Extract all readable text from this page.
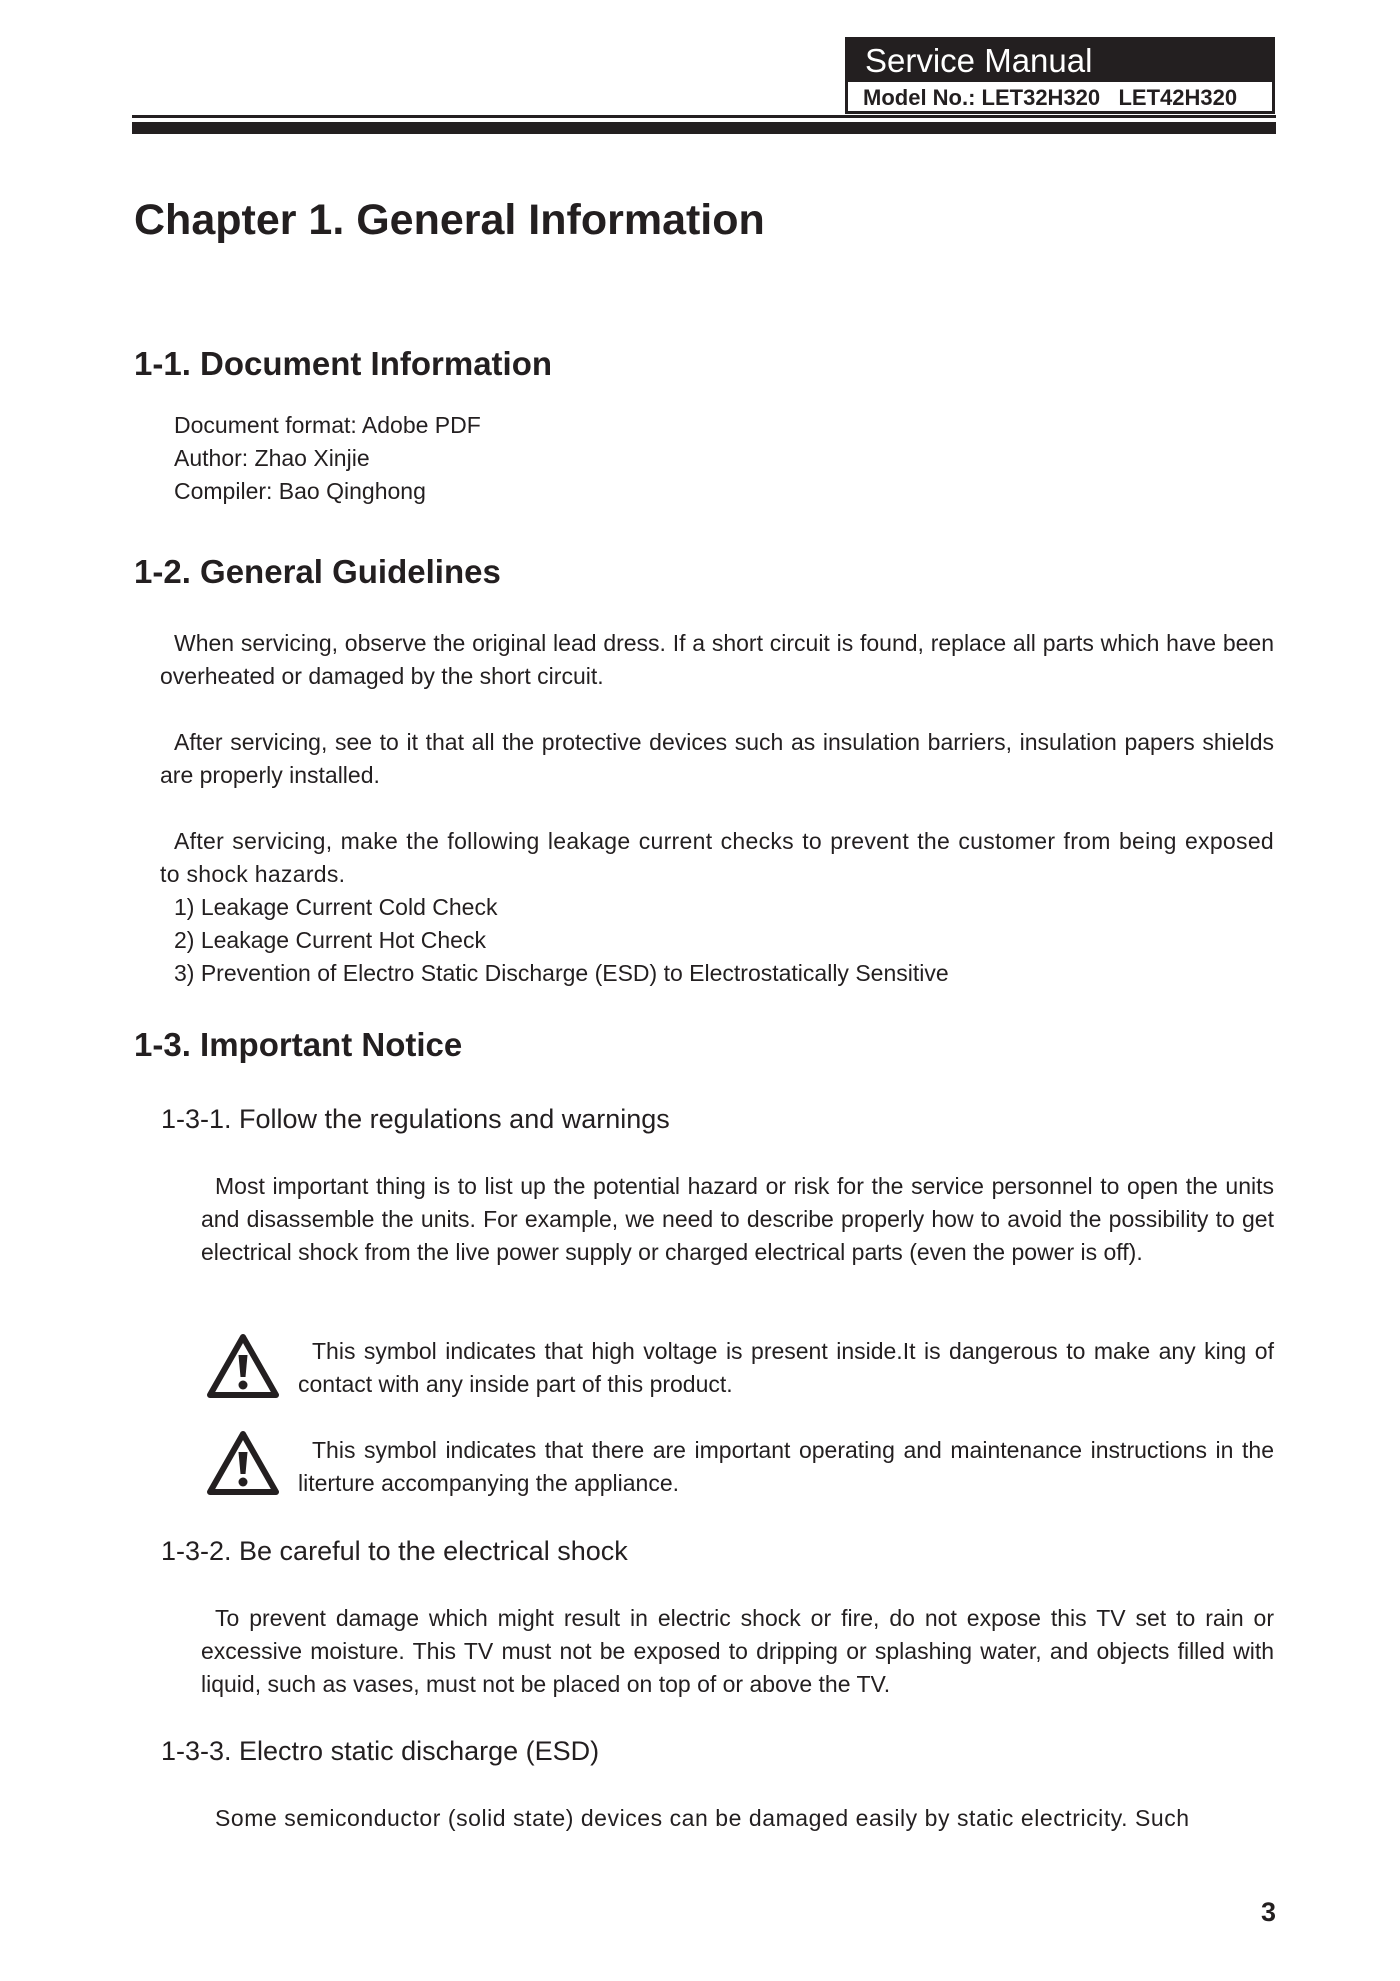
Service Manual
Model No.: LET32H320   LET42H320
Chapter 1. General Information
1-1. Document Information
Document format: Adobe PDF
Author: Zhao Xinjie
Compiler: Bao Qinghong
1-2. General Guidelines
When servicing, observe the original lead dress. If a short circuit is found, replace all parts which have been overheated or damaged by the short circuit.
After servicing, see to it that all the protective devices such as insulation barriers, insulation papers shields are properly installed.
After servicing, make the following leakage current checks to prevent the customer from being exposed to shock hazards.
1) Leakage Current Cold Check
2) Leakage Current Hot Check
3) Prevention of Electro Static Discharge (ESD) to Electrostatically Sensitive
1-3. Important Notice
1-3-1. Follow the regulations and warnings
Most important thing is to list up the potential hazard or risk for the service personnel to open the units and disassemble the units. For example, we need to describe properly how to avoid the possibility to get electrical shock from the live power supply or charged electrical parts (even the power is off).
This symbol indicates that high voltage is present inside.It is dangerous to make any king of contact with any inside part of this product.
This symbol indicates that there are important operating and maintenance instructions in the literture accompanying the appliance.
1-3-2. Be careful to the electrical shock
To prevent damage which might result in electric shock or fire, do not expose this TV set to rain or excessive moisture. This TV must not be exposed to dripping or splashing water, and objects filled with liquid, such as vases, must not be placed on top of or above the TV.
1-3-3. Electro static discharge (ESD)
Some semiconductor (solid state) devices can be damaged easily by static electricity. Such
3
